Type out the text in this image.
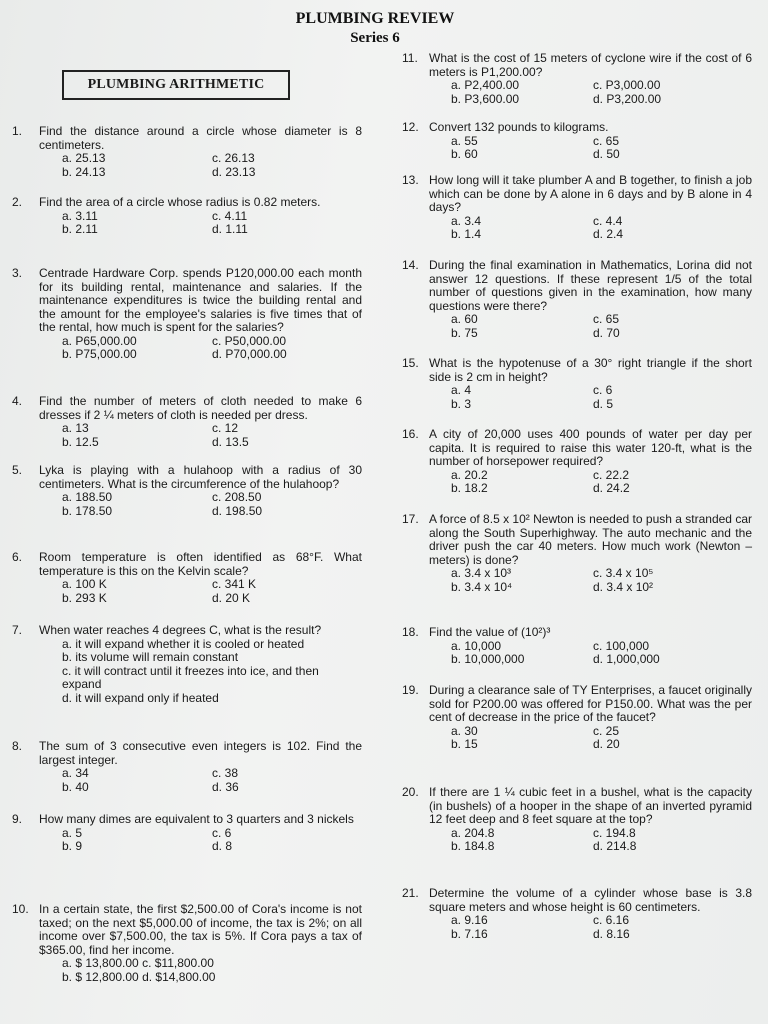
PLUMBING REVIEW
Series 6
PLUMBING ARITHMETIC
1.	Find the distance around a circle whose diameter is 8 centimeters.
a. 25.13	c. 26.13
b. 24.13	d. 23.13
2.	Find the area of a circle whose radius is 0.82 meters.
a. 3.11	c. 4.11
b. 2.11	d. 1.11
3.	Centrade Hardware Corp. spends P120,000.00 each month for its building rental, maintenance and salaries. If the maintenance expenditures is twice the building rental and the amount for the employee's salaries is five times that of the rental, how much is spent for the salaries?
a. P65,000.00	c. P50,000.00
b. P75,000.00	d. P70,000.00
4.	Find the number of meters of cloth needed to make 6 dresses if 2 ¼ meters of cloth is needed per dress.
a. 13	c. 12
b. 12.5	d. 13.5
5.	Lyka is playing with a hulahoop with a radius of 30 centimeters. What is the circumference of the hulahoop?
a. 188.50	c. 208.50
b. 178.50	d. 198.50
6.	Room temperature is often identified as 68°F. What temperature is this on the Kelvin scale?
a. 100 K	c. 341 K
b. 293 K	d. 20 K
7.	When water reaches 4 degrees C, what is the result?
a. it will expand whether it is cooled or heated
b. its volume will remain constant
c. it will contract until it freezes into ice, and then expand
d. it will expand only if heated
8.	The sum of 3 consecutive even integers is 102. Find the largest integer.
a. 34	c. 38
b. 40	d. 36
9.	How many dimes are equivalent to 3 quarters and 3 nickels
a. 5	c. 6
b. 9	d. 8
10. In a certain state, the first $2,500.00 of Cora's income is not taxed; on the next $5,000.00 of income, the tax is 2%; on all income over $7,500.00, the tax is 5%. If Cora pays a tax of $365.00, find her income.
a. $ 13,800.00 c. $11,800.00
b. $ 12,800.00 d. $14,800.00
11. What is the cost of 15 meters of cyclone wire if the cost of 6 meters is P1,200.00?
a. P2,400.00	c. P3,000.00
b. P3,600.00	d. P3,200.00
12. Convert 132 pounds to kilograms.
a. 55	c. 65
b. 60	d. 50
13. How long will it take plumber A and B together, to finish a job which can be done by A alone in 6 days and by B alone in 4 days?
a. 3.4	c. 4.4
b. 1.4	d. 2.4
14. During the final examination in Mathematics, Lorina did not answer 12 questions. If these represent 1/5 of the total number of questions given in the examination, how many questions were there?
a. 60	c. 65
b. 75	d. 70
15. What is the hypotenuse of a 30° right triangle if the short side is 2 cm in height?
a. 4	c. 6
b. 3	d. 5
16. A city of 20,000 uses 400 pounds of water per day per capita. It is required to raise this water 120-ft, what is the number of horsepower required?
a. 20.2	c. 22.2
b. 18.2	d. 24.2
17. A force of 8.5 x 10² Newton is needed to push a stranded car along the South Superhighway. The auto mechanic and the driver push the car 40 meters. How much work (Newton – meters) is done?
a. 3.4 x 10³	c. 3.4 x 10⁵
b. 3.4 x 10⁴	d. 3.4 x 10²
18. Find the value of (10²)³
a. 10,000	c. 100,000
b. 10,000,000	d. 1,000,000
19. During a clearance sale of TY Enterprises, a faucet originally sold for P200.00 was offered for P150.00. What was the per cent of decrease in the price of the faucet?
a. 30	c. 25
b. 15	d. 20
20. If there are 1 ¼ cubic feet in a bushel, what is the capacity (in bushels) of a hooper in the shape of an inverted pyramid 12 feet deep and 8 feet square at the top?
a. 204.8	c. 194.8
b. 184.8	d. 214.8
21. Determine the volume of a cylinder whose base is 3.8 square meters and whose height is 60 centimeters.
a. 9.16	c. 6.16
b. 7.16	d. 8.16
